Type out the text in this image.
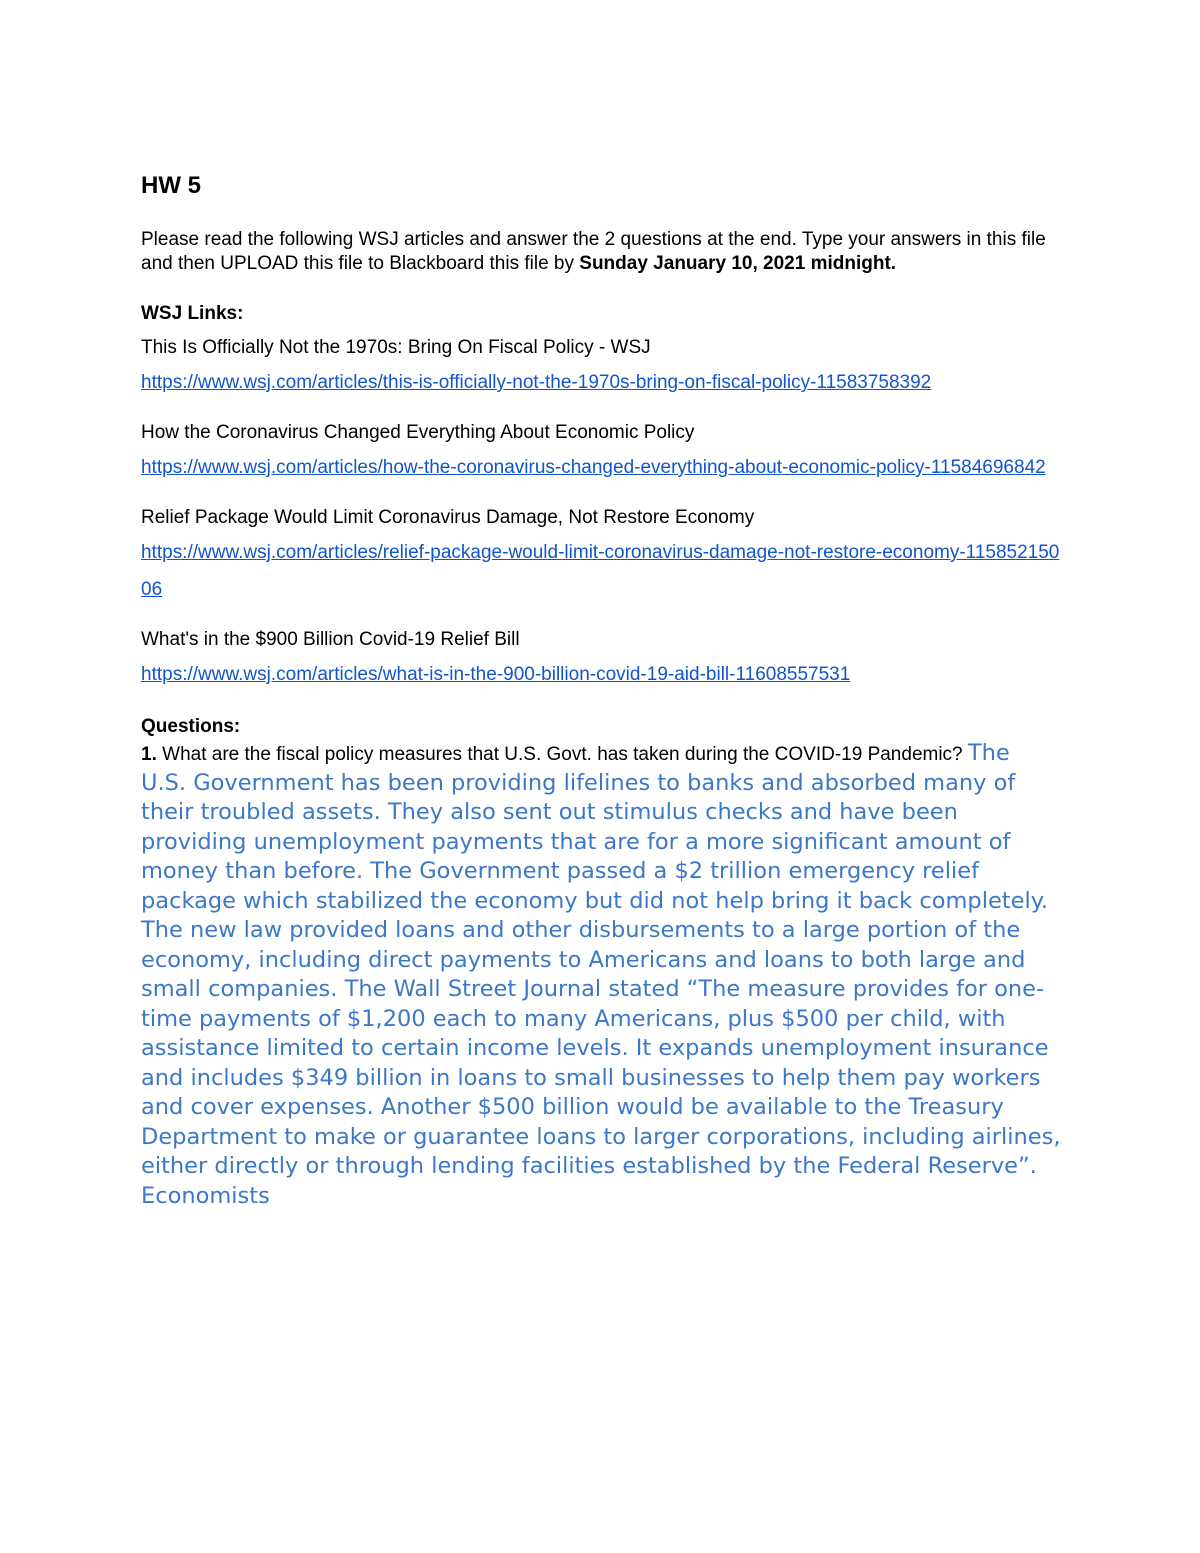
HW 5
Please read the following WSJ articles and answer the 2 questions at the end. Type your answers in this file and then UPLOAD this file to Blackboard this file by Sunday January 10, 2021 midnight.
WSJ Links:
This Is Officially Not the 1970s: Bring On Fiscal Policy - WSJ
https://www.wsj.com/articles/this-is-officially-not-the-1970s-bring-on-fiscal-policy-11583758392
How the Coronavirus Changed Everything About Economic Policy
https://www.wsj.com/articles/how-the-coronavirus-changed-everything-about-economic-policy-11584696842
Relief Package Would Limit Coronavirus Damage, Not Restore Economy
https://www.wsj.com/articles/relief-package-would-limit-coronavirus-damage-not-restore-economy-11585215006
What's in the $900 Billion Covid-19 Relief Bill
https://www.wsj.com/articles/what-is-in-the-900-billion-covid-19-aid-bill-11608557531
Questions:
1. What are the fiscal policy measures that U.S. Govt. has taken during the COVID-19 Pandemic? The U.S. Government has been providing lifelines to banks and absorbed many of their troubled assets. They also sent out stimulus checks and have been providing unemployment payments that are for a more significant amount of money than before. The Government passed a $2 trillion emergency relief package which stabilized the economy but did not help bring it back completely. The new law provided loans and other disbursements to a large portion of the economy, including direct payments to Americans and loans to both large and small companies. The Wall Street Journal stated “The measure provides for one-time payments of $1,200 each to many Americans, plus $500 per child, with assistance limited to certain income levels. It expands unemployment insurance and includes $349 billion in loans to small businesses to help them pay workers and cover expenses. Another $500 billion would be available to the Treasury Department to make or guarantee loans to larger corporations, including airlines, either directly or through lending facilities established by the Federal Reserve”. Economists
